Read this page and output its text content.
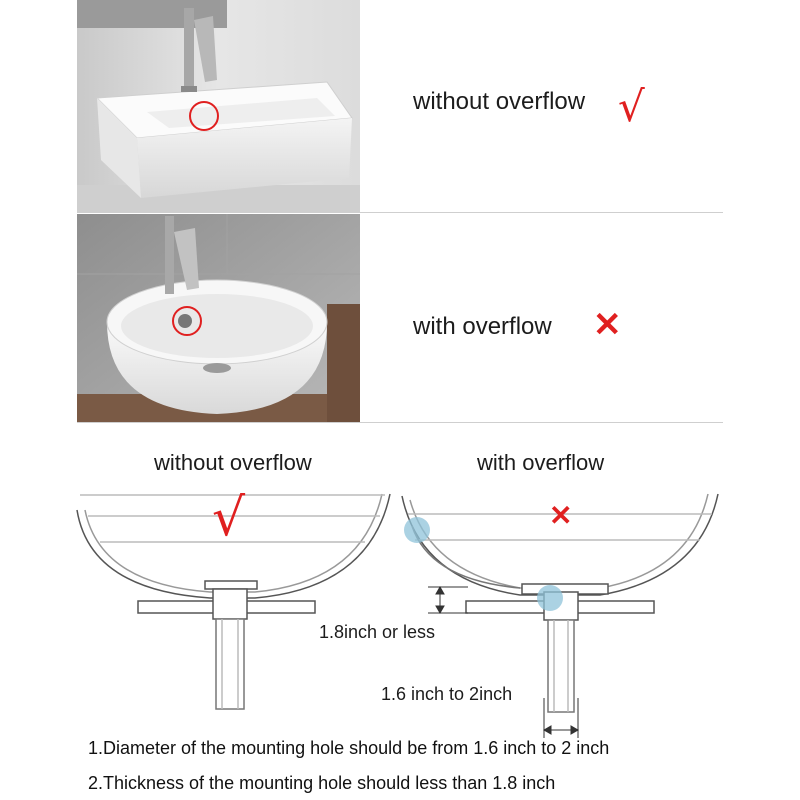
without overflow √
with overflow ✕
without overflow	with overflow
√	✕
1.8inch or less
1.6 inch to 2inch
1.Diameter of the mounting hole should be from 1.6 inch to 2 inch
2.Thickness of the mounting hole should less than 1.8 inch
